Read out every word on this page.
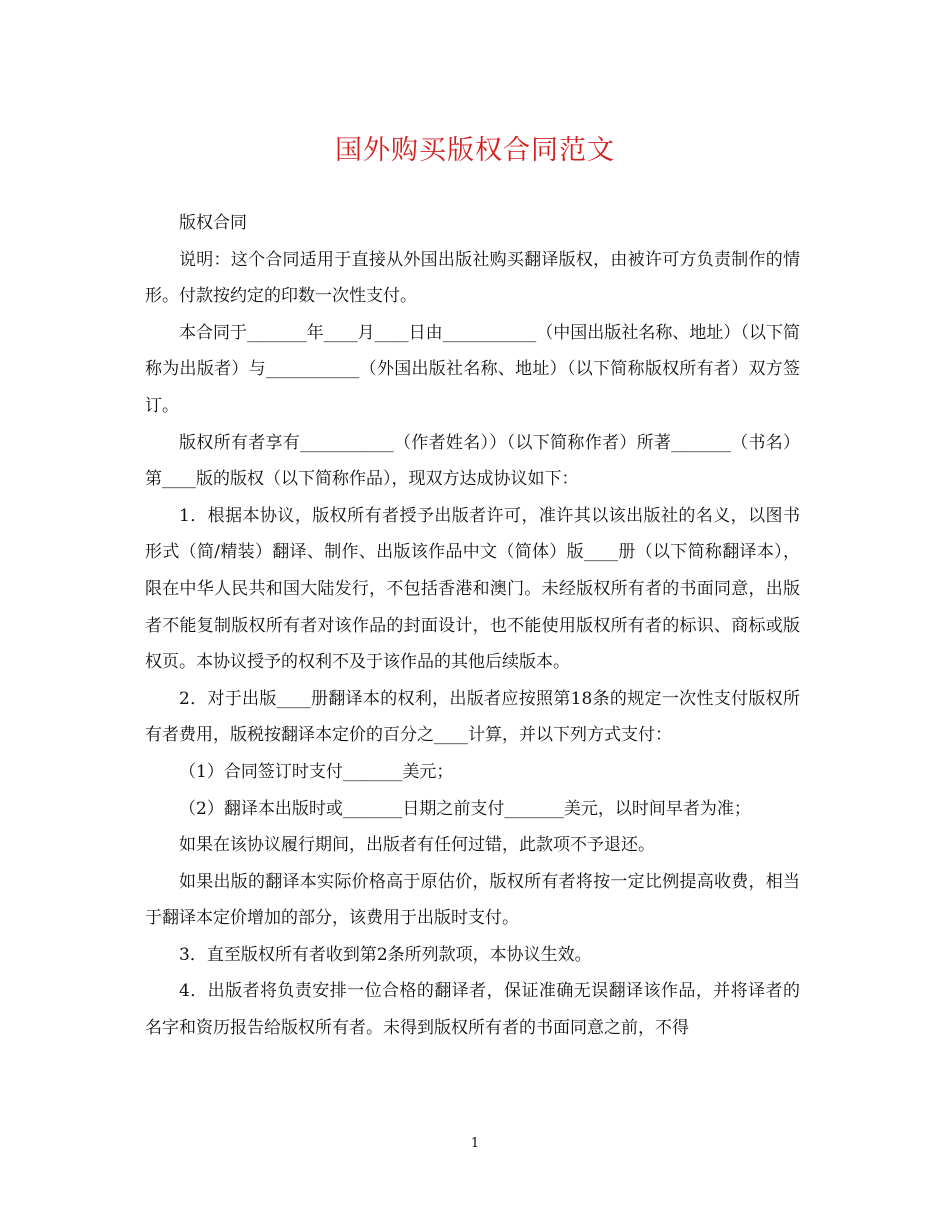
国外购买版权合同范文

版权合同

说明：这个合同适用于直接从外国出版社购买翻译版权，由被许可方负责制作的情形。付款按约定的印数一次性支付。

本合同于_______年____月____日由___________（中国出版社名称、地址）（以下简称为出版者）与___________（外国出版社名称、地址）（以下简称版权所有者）双方签订。

版权所有者享有___________（作者姓名））（以下简称作者）所著_______（书名）第____版的版权（以下简称作品），现双方达成协议如下：

1．根据本协议，版权所有者授予出版者许可，准许其以该出版社的名义，以图书形式（简/精装）翻译、制作、出版该作品中文（简体）版____册（以下简称翻译本），限在中华人民共和国大陆发行，不包括香港和澳门。未经版权所有者的书面同意，出版者不能复制版权所有者对该作品的封面设计，也不能使用版权所有者的标识、商标或版权页。本协议授予的权利不及于该作品的其他后续版本。

2．对于出版____册翻译本的权利，出版者应按照第18条的规定一次性支付版权所有者费用，版税按翻译本定价的百分之____计算，并以下列方式支付：

（1）合同签订时支付_______美元；

（2）翻译本出版时或_______日期之前支付_______美元，以时间早者为准；

如果在该协议履行期间，出版者有任何过错，此款项不予退还。

如果出版的翻译本实际价格高于原估价，版权所有者将按一定比例提高收费，相当于翻译本定价增加的部分，该费用于出版时支付。

3．直至版权所有者收到第2条所列款项，本协议生效。

4．出版者将负责安排一位合格的翻译者，保证准确无误翻译该作品，并将译者的名字和资历报告给版权所有者。未得到版权所有者的书面同意之前，不得

1
